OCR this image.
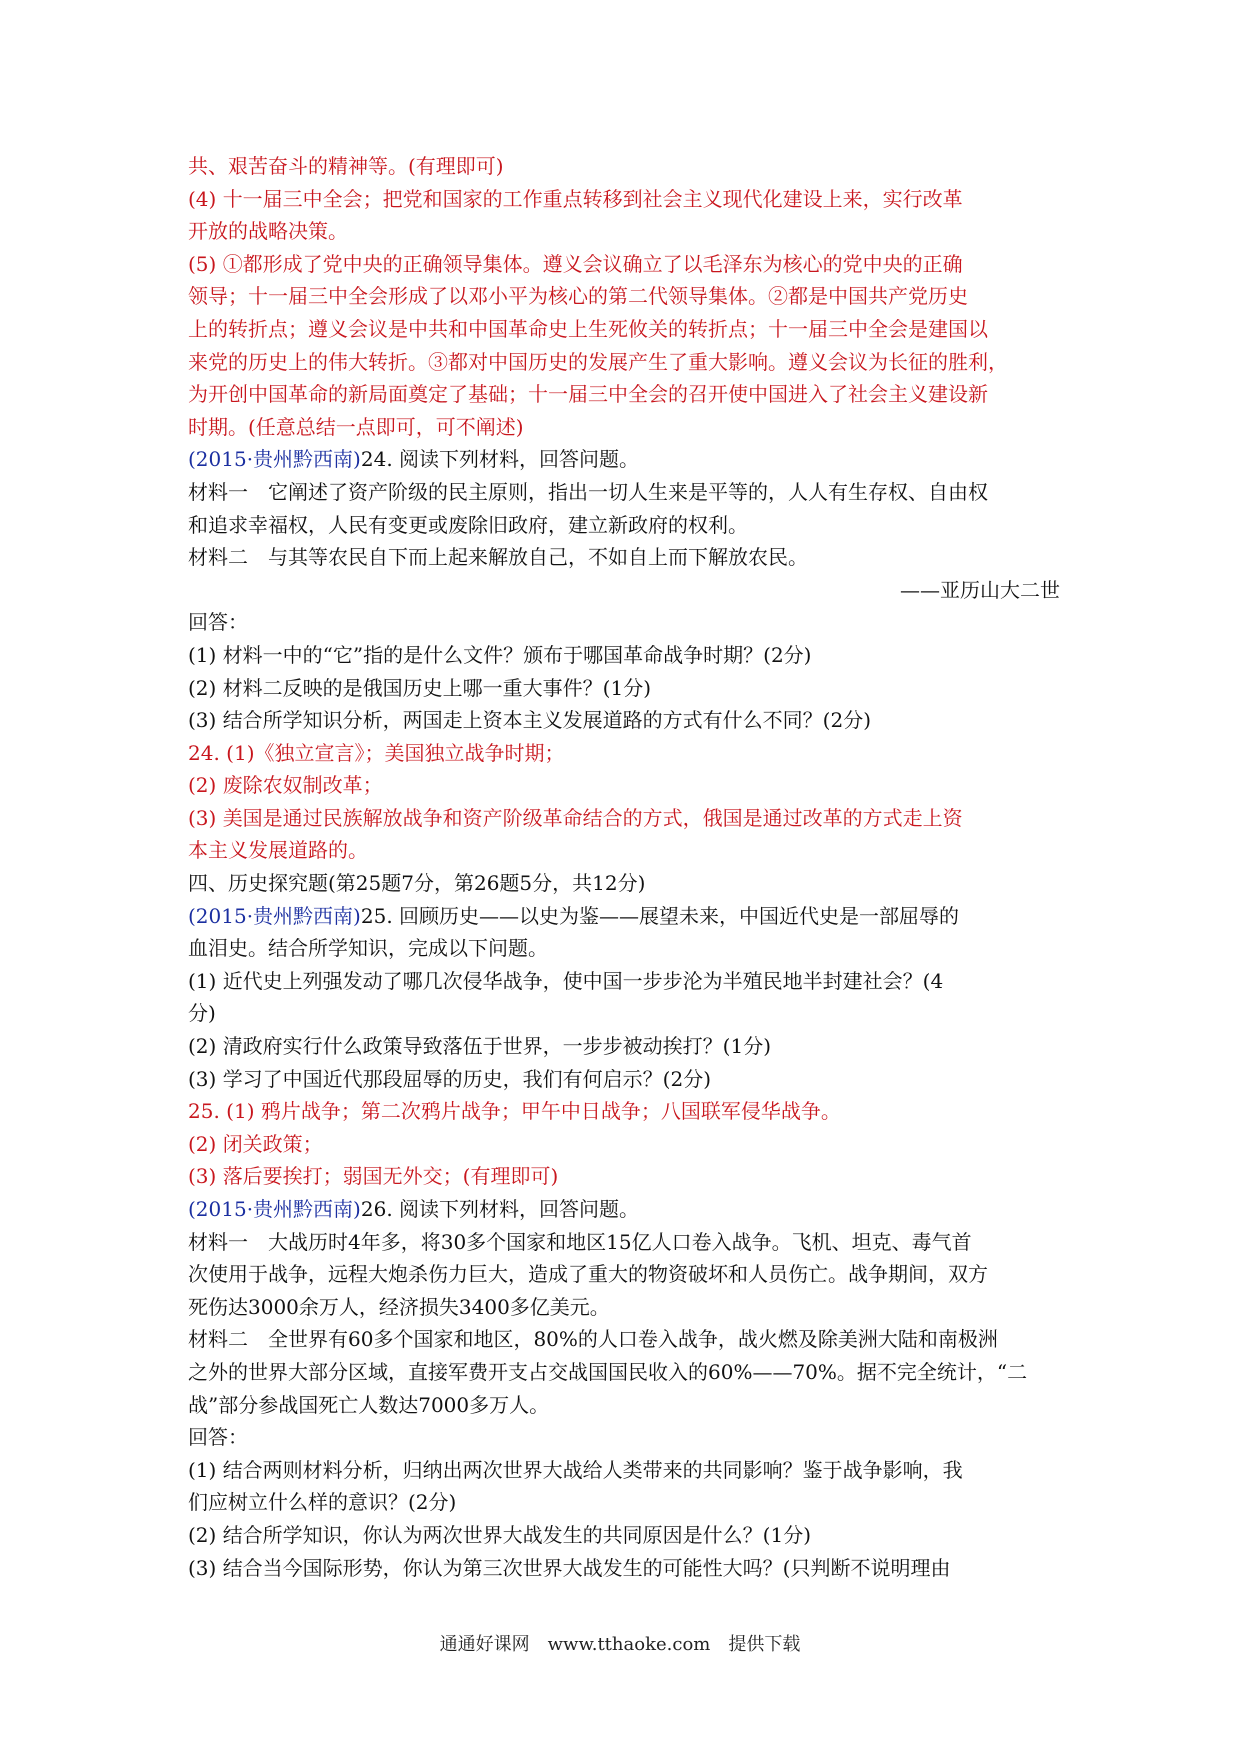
共、艰苦奋斗的精神等。(有理即可)
(4) 十一届三中全会；把党和国家的工作重点转移到社会主义现代化建设上来，实行改革
开放的战略决策。
(5) ①都形成了党中央的正确领导集体。遵义会议确立了以毛泽东为核心的党中央的正确
领导；十一届三中全会形成了以邓小平为核心的第二代领导集体。②都是中国共产党历史
上的转折点；遵义会议是中共和中国革命史上生死攸关的转折点；十一届三中全会是建国以
来党的历史上的伟大转折。③都对中国历史的发展产生了重大影响。遵义会议为长征的胜利，
为开创中国革命的新局面奠定了基础；十一届三中全会的召开使中国进入了社会主义建设新
时期。(任意总结一点即可，可不阐述)
(2015·贵州黔西南)24. 阅读下列材料，回答问题。
材料一　它阐述了资产阶级的民主原则，指出一切人生来是平等的，人人有生存权、自由权
和追求幸福权，人民有变更或废除旧政府，建立新政府的权利。
材料二　与其等农民自下而上起来解放自己，不如自上而下解放农民。
——亚历山大二世
回答：
(1) 材料一中的“它”指的是什么文件？颁布于哪国革命战争时期？(2分)
(2) 材料二反映的是俄国历史上哪一重大事件？(1分)
(3) 结合所学知识分析，两国走上资本主义发展道路的方式有什么不同？(2分)
24. (1)《独立宣言》；美国独立战争时期；
(2) 废除农奴制改革；
(3) 美国是通过民族解放战争和资产阶级革命结合的方式，俄国是通过改革的方式走上资
本主义发展道路的。
四、历史探究题(第25题7分，第26题5分，共12分)
(2015·贵州黔西南)25. 回顾历史——以史为鉴——展望未来，中国近代史是一部屈辱的
血泪史。结合所学知识，完成以下问题。
(1) 近代史上列强发动了哪几次侵华战争，使中国一步步沦为半殖民地半封建社会？(4
分)
(2) 清政府实行什么政策导致落伍于世界，一步步被动挨打？(1分)
(3) 学习了中国近代那段屈辱的历史，我们有何启示？(2分)
25. (1) 鸦片战争；第二次鸦片战争；甲午中日战争；八国联军侵华战争。
(2) 闭关政策；
(3) 落后要挨打；弱国无外交；(有理即可)
(2015·贵州黔西南)26. 阅读下列材料，回答问题。
材料一　大战历时4年多，将30多个国家和地区15亿人口卷入战争。飞机、坦克、毒气首
次使用于战争，远程大炮杀伤力巨大，造成了重大的物资破坏和人员伤亡。战争期间，双方
死伤达3000余万人，经济损失3400多亿美元。
材料二　全世界有60多个国家和地区，80%的人口卷入战争，战火燃及除美洲大陆和南极洲
之外的世界大部分区域，直接军费开支占交战国国民收入的60%——70%。据不完全统计，“二
战”部分参战国死亡人数达7000多万人。
回答：
(1) 结合两则材料分析，归纳出两次世界大战给人类带来的共同影响？鉴于战争影响，我
们应树立什么样的意识？(2分)
(2) 结合所学知识，你认为两次世界大战发生的共同原因是什么？(1分)
(3) 结合当今国际形势，你认为第三次世界大战发生的可能性大吗？(只判断不说明理由
通通好课网　www.tthaoke.com　提供下载
